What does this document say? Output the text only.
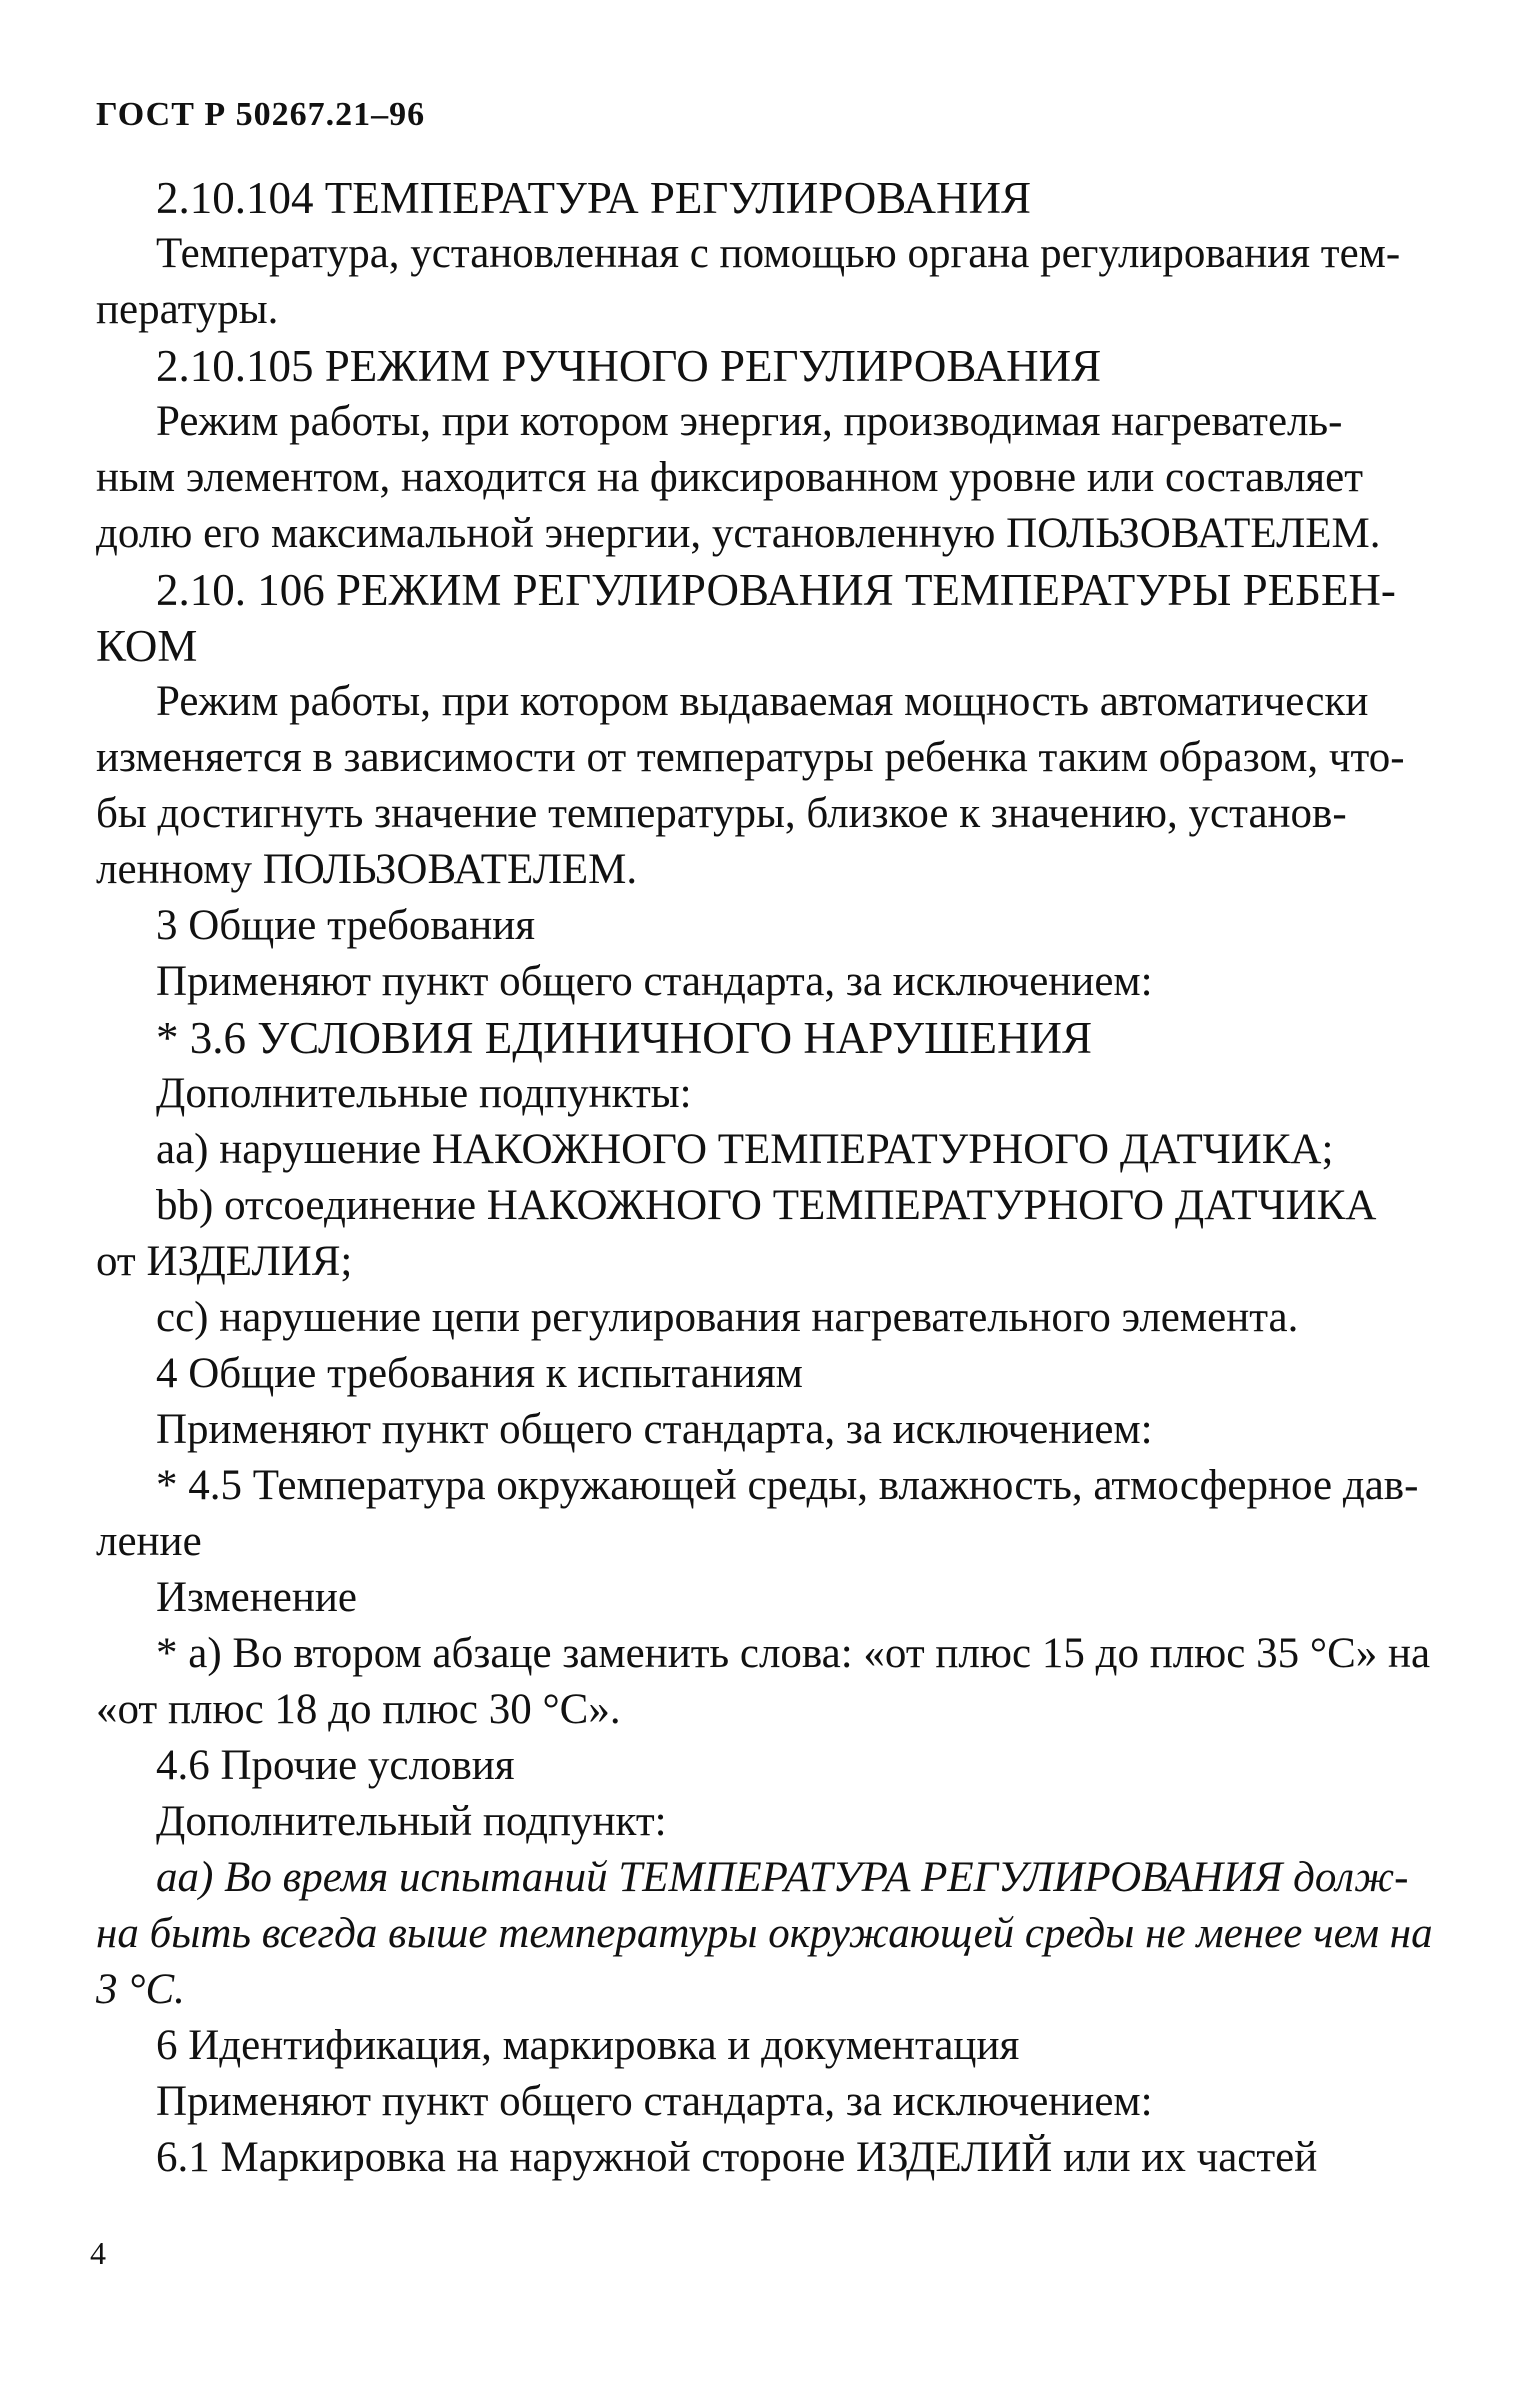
ГОСТ Р 50267.21–96
2.10.104 ТЕМПЕРАТУРА РЕГУЛИРОВАНИЯ
Температура, установленная с помощью органа регулирования тем-
пературы.
2.10.105 РЕЖИМ РУЧНОГО РЕГУЛИРОВАНИЯ
Режим работы, при котором энергия, производимая нагреватель-
ным элементом, находится на фиксированном уровне или составляет
долю его максимальной энергии, установленную ПОЛЬЗОВАТЕЛЕМ.
2.10. 106 РЕЖИМ РЕГУЛИРОВАНИЯ ТЕМПЕРАТУРЫ РЕБЕН-
КОМ
Режим работы, при котором выдаваемая мощность автоматически
изменяется в зависимости от температуры ребенка таким образом, что-
бы достигнуть значение температуры, близкое к значению, установ-
ленному ПОЛЬЗОВАТЕЛЕМ.
3 Общие требования
Применяют пункт общего стандарта, за исключением:
* 3.6 УСЛОВИЯ ЕДИНИЧНОГО НАРУШЕНИЯ
Дополнительные подпункты:
аа) нарушение НАКОЖНОГО ТЕМПЕРАТУРНОГО ДАТЧИКА;
bb) отсоединение НАКОЖНОГО ТЕМПЕРАТУРНОГО ДАТЧИКА
от ИЗДЕЛИЯ;
сс) нарушение цепи регулирования нагревательного элемента.
4 Общие требования к испытаниям
Применяют пункт общего стандарта, за исключением:
* 4.5 Температура окружающей среды, влажность, атмосферное дав-
ление
Изменение
* а) Во втором абзаце заменить слова: «от плюс 15 до плюс 35 °С» на
«от плюс 18 до плюс 30 °С».
4.6 Прочие условия
Дополнительный подпункт:
аа) Во время испытаний ТЕМПЕРАТУРА РЕГУЛИРОВАНИЯ долж-
на быть всегда выше температуры окружающей среды не менее чем на
3 °С.
6 Идентификация, маркировка и документация
Применяют пункт общего стандарта, за исключением:
6.1 Маркировка на наружной стороне ИЗДЕЛИЙ или их частей
4
